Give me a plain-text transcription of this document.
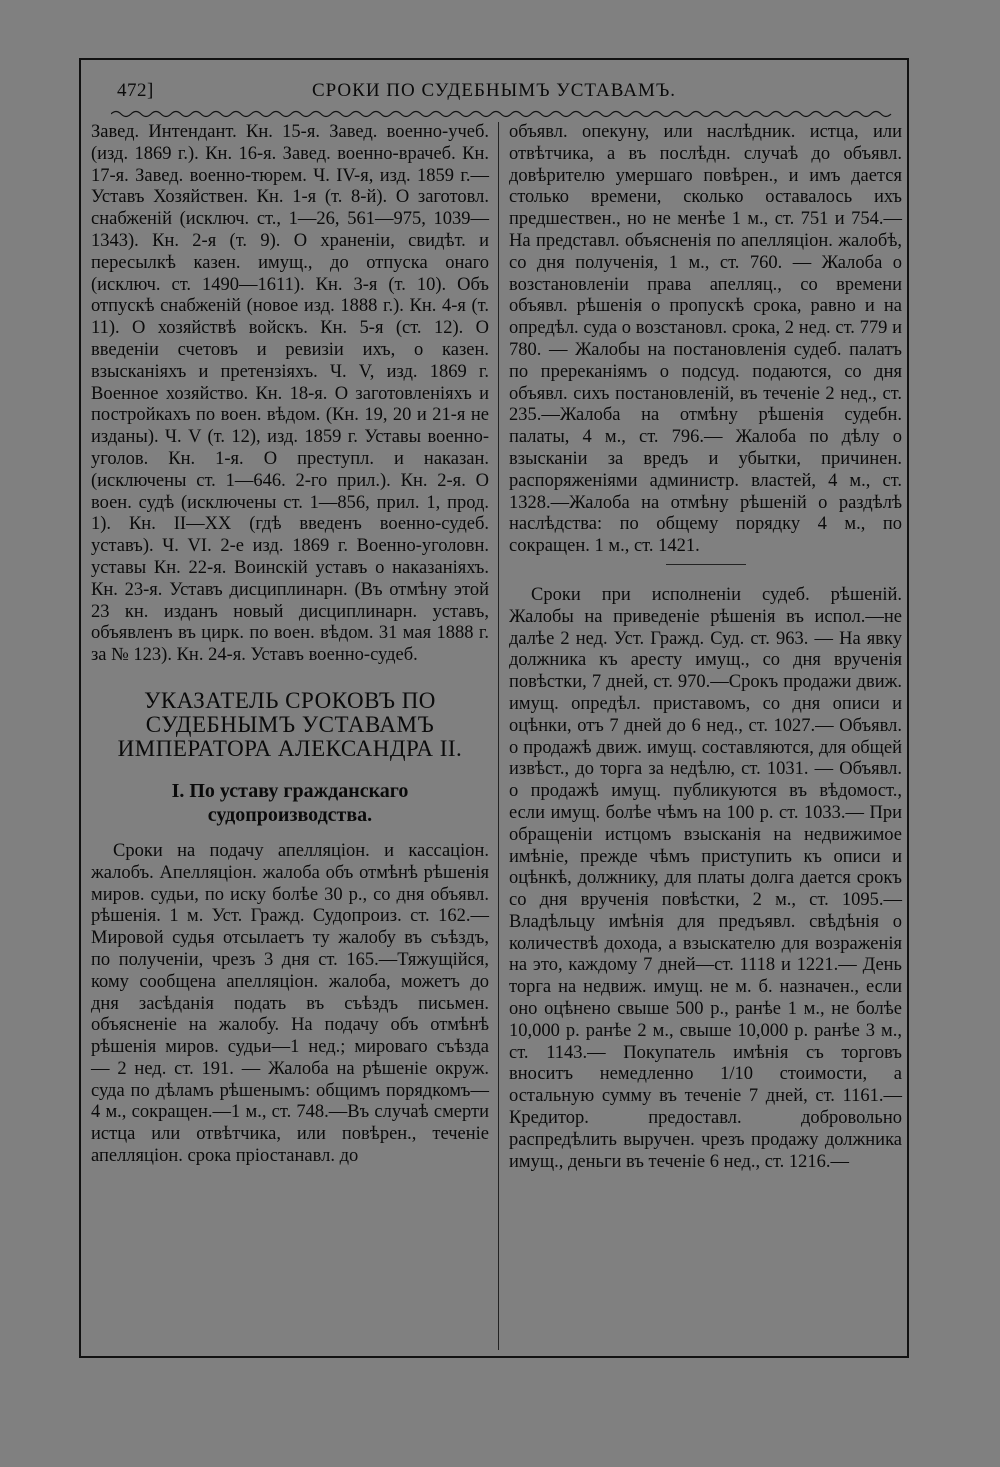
472]	СРОКИ ПО СУДЕБНЫМЪ УСТАВАМЪ.

Завед. Интендант. Кн. 15-я. Завед. военно-учеб. (изд. 1869 г.). Кн. 16-я. Завед. военно-врачеб. Кн. 17-я. Завед. военно-тюрем. Ч. IV-я, изд. 1859 г.— Уставъ Хозяйствен. Кн. 1-я (т. 8-й). О заготовл. снабженій (исключ. ст., 1—26, 561—975, 1039—1343). Кн. 2-я (т. 9). О храненіи, свидѣт. и пересылкѣ казен. имущ., до отпуска онаго (исключ. ст. 1490—1611). Кн. 3-я (т. 10). Объ отпускѣ снабженій (новое изд. 1888 г.). Кн. 4-я (т. 11). О хозяйствѣ войскъ. Кн. 5-я (ст. 12). О введеніи счетовъ и ревизіи ихъ, о казен. взысканіяхъ и претензіяхъ. Ч. V, изд. 1869 г. Военное хозяйство. Кн. 18-я. О заготовленіяхъ и постройкахъ по воен. вѣдом. (Кн. 19, 20 и 21-я не изданы). Ч. V (т. 12), изд. 1859 г. Уставы военно-уголов. Кн. 1-я. О преступл. и наказан. (исключены ст. 1—646. 2-го прил.). Кн. 2-я. О воен. судѣ (исключены ст. 1—856, прил. 1, прод. 1). Кн. II—XX (гдѣ введенъ военно-судеб. уставъ). Ч. VI. 2-е изд. 1869 г. Военно-уголовн. уставы Кн. 22-я. Воинскій уставъ о наказаніяхъ. Кн. 23-я. Уставъ дисциплинарн. (Въ отмѣну этой 23 кн. изданъ новый дисциплинарн. уставъ, объявленъ въ цирк. по воен. вѣдом. 31 мая 1888 г. за № 123). Кн. 24-я. Уставъ военно-судеб.

УКАЗАТЕЛЬ СРОКОВЪ ПО СУДЕБНЫМЪ УСТАВАМЪ ИМПЕРАТОРА АЛЕКСАНДРА II.
I. По уставу гражданскаго судопроизводства.

Сроки на подачу апелляціон. и кассаціон. жалобъ. Апелляціон. жалоба объ отмѣнѣ рѣшенія миров. судьи, по иску болѣе 30 р., со дня объявл. рѣшенія. 1 м. Уст. Гражд. Судопроиз. ст. 162.—Мировой судья отсылаетъ ту жалобу въ съѣздъ, по полученіи, чрезъ 3 дня ст. 165.—Тяжущійся, кому сообщена апелляціон. жалоба, можетъ до дня засѣданія подать въ съѣздъ письмен. объясненіе на жалобу. На подачу объ отмѣнѣ рѣшенія миров. судьи—1 нед.; мироваго съѣзда — 2 нед. ст. 191. — Жалоба на рѣшеніе окруж. суда по дѣламъ рѣшенымъ: общимъ порядкомъ—4 м., сокращен.—1 м., ст. 748.—Въ случаѣ смерти истца или отвѣтчика, или повѣрен., теченіе апелляціон. срока пріостанавл. до

объявл. опекуну, или наслѣдник. истца, или отвѣтчика, а въ послѣдн. случаѣ до объявл. довѣрителю умершаго повѣрен., и имъ дается столько времени, сколько оставалось ихъ предшествен., но не менѣе 1 м., ст. 751 и 754.—На представл. объясненія по апелляціон. жалобѣ, со дня полученія, 1 м., ст. 760. — Жалоба о возстановленіи права апелляц., со времени объявл. рѣшенія о пропускѣ срока, равно и на опредѣл. суда о возстановл. срока, 2 нед. ст. 779 и 780. — Жалобы на постановленія судеб. палатъ по пререканіямъ о подсуд. подаются, со дня объявл. сихъ постановленій, въ теченіе 2 нед., ст. 235.—Жалоба на отмѣну рѣшенія судебн. палаты, 4 м., ст. 796.— Жалоба по дѣлу о взысканіи за вредъ и убытки, причинен. распоряженіями администр. властей, 4 м., ст. 1328.—Жалоба на отмѣну рѣшеній о раздѣлѣ наслѣдства: по общему порядку 4 м., по сокращен. 1 м., ст. 1421.

Сроки при исполненіи судеб. рѣшеній. Жалобы на приведеніе рѣшенія въ испол.—не далѣе 2 нед. Уст. Гражд. Суд. ст. 963. — На явку должника къ аресту имущ., со дня врученія повѣстки, 7 дней, ст. 970.—Срокъ продажи движ. имущ. опредѣл. приставомъ, со дня описи и оцѣнки, отъ 7 дней до 6 нед., ст. 1027.— Объявл. о продажѣ движ. имущ. составляются, для общей извѣст., до торга за недѣлю, ст. 1031. — Объявл. о продажѣ имущ. публикуются въ вѣдомост., если имущ. болѣе чѣмъ на 100 р. ст. 1033.— При обращеніи истцомъ взысканія на недвижимое имѣніе, прежде чѣмъ приступить къ описи и оцѣнкѣ, должнику, для платы долга дается срокъ со дня врученія повѣстки, 2 м., ст. 1095.—Владѣльцу имѣнія для предъявл. свѣдѣнія о количествѣ дохода, а взыскателю для возраженія на это, каждому 7 дней—ст. 1118 и 1221.— День торга на недвиж. имущ. не м. б. назначен., если оно оцѣнено свыше 500 р., ранѣе 1 м., не болѣе 10,000 р. ранѣе 2 м., свыше 10,000 р. ранѣе 3 м., ст. 1143.— Покупатель имѣнія съ торговъ вноситъ немедленно 1/10 стоимости, а остальную сумму въ теченіе 7 дней, ст. 1161.—Кредитор. предоставл. добровольно распредѣлить выручен. чрезъ продажу должника имущ., деньги въ теченіе 6 нед., ст. 1216.—
